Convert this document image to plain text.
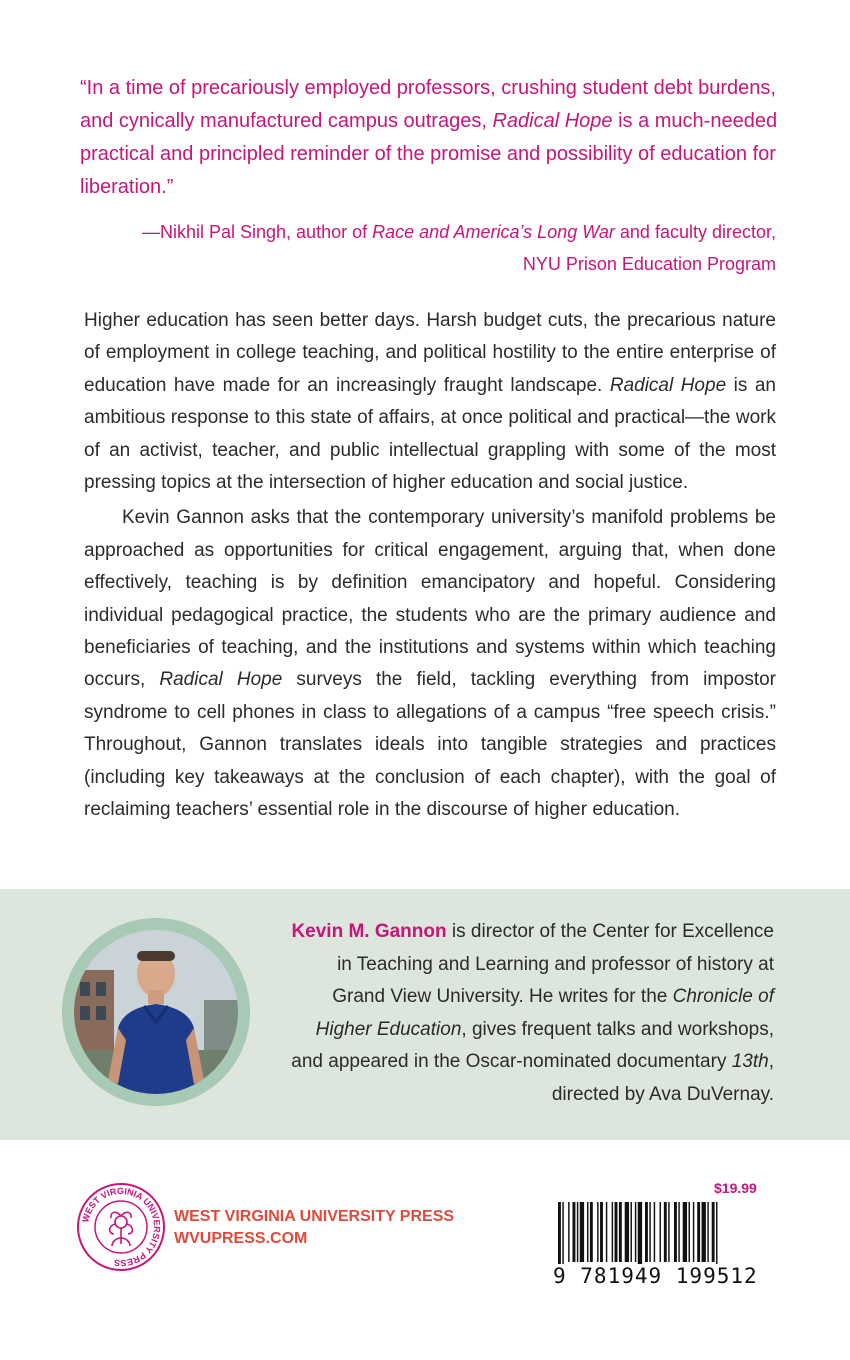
“In a time of precariously employed professors, crushing student debt burdens, and cynically manufactured campus outrages, Radical Hope is a much-needed practical and principled reminder of the promise and possibility of education for liberation.”
—Nikhil Pal Singh, author of Race and America’s Long War and faculty director,
NYU Prison Education Program

Higher education has seen better days. Harsh budget cuts, the precarious nature of employment in college teaching, and political hostility to the entire enterprise of education have made for an increasingly fraught landscape. Radical Hope is an ambitious response to this state of affairs, at once political and practical—the work of an activist, teacher, and public intellectual grappling with some of the most pressing topics at the intersection of higher education and social justice.

Kevin Gannon asks that the contemporary university’s manifold problems be approached as opportunities for critical engagement, arguing that, when done effectively, teaching is by definition emancipatory and hopeful. Considering individual pedagogical practice, the students who are the primary audience and beneficiaries of teaching, and the institutions and systems within which teaching occurs, Radical Hope surveys the field, tackling everything from impostor syndrome to cell phones in class to allegations of a campus “free speech crisis.” Throughout, Gannon translates ideals into tangible strategies and practices (including key takeaways at the conclusion of each chapter), with the goal of reclaiming teachers’ essential role in the discourse of higher education.

Kevin M. Gannon is director of the Center for Excellence in Teaching and Learning and professor of history at Grand View University. He writes for the Chronicle of Higher Education, gives frequent talks and workshops, and appeared in the Oscar-nominated documentary 13th, directed by Ava DuVernay.
WEST VIRGINIA UNIVERSITY PRESS
WEST VIRGINIA UNIVERSITY PRESS
WVUPRESS.COM
$19.99
9 781949 199512
